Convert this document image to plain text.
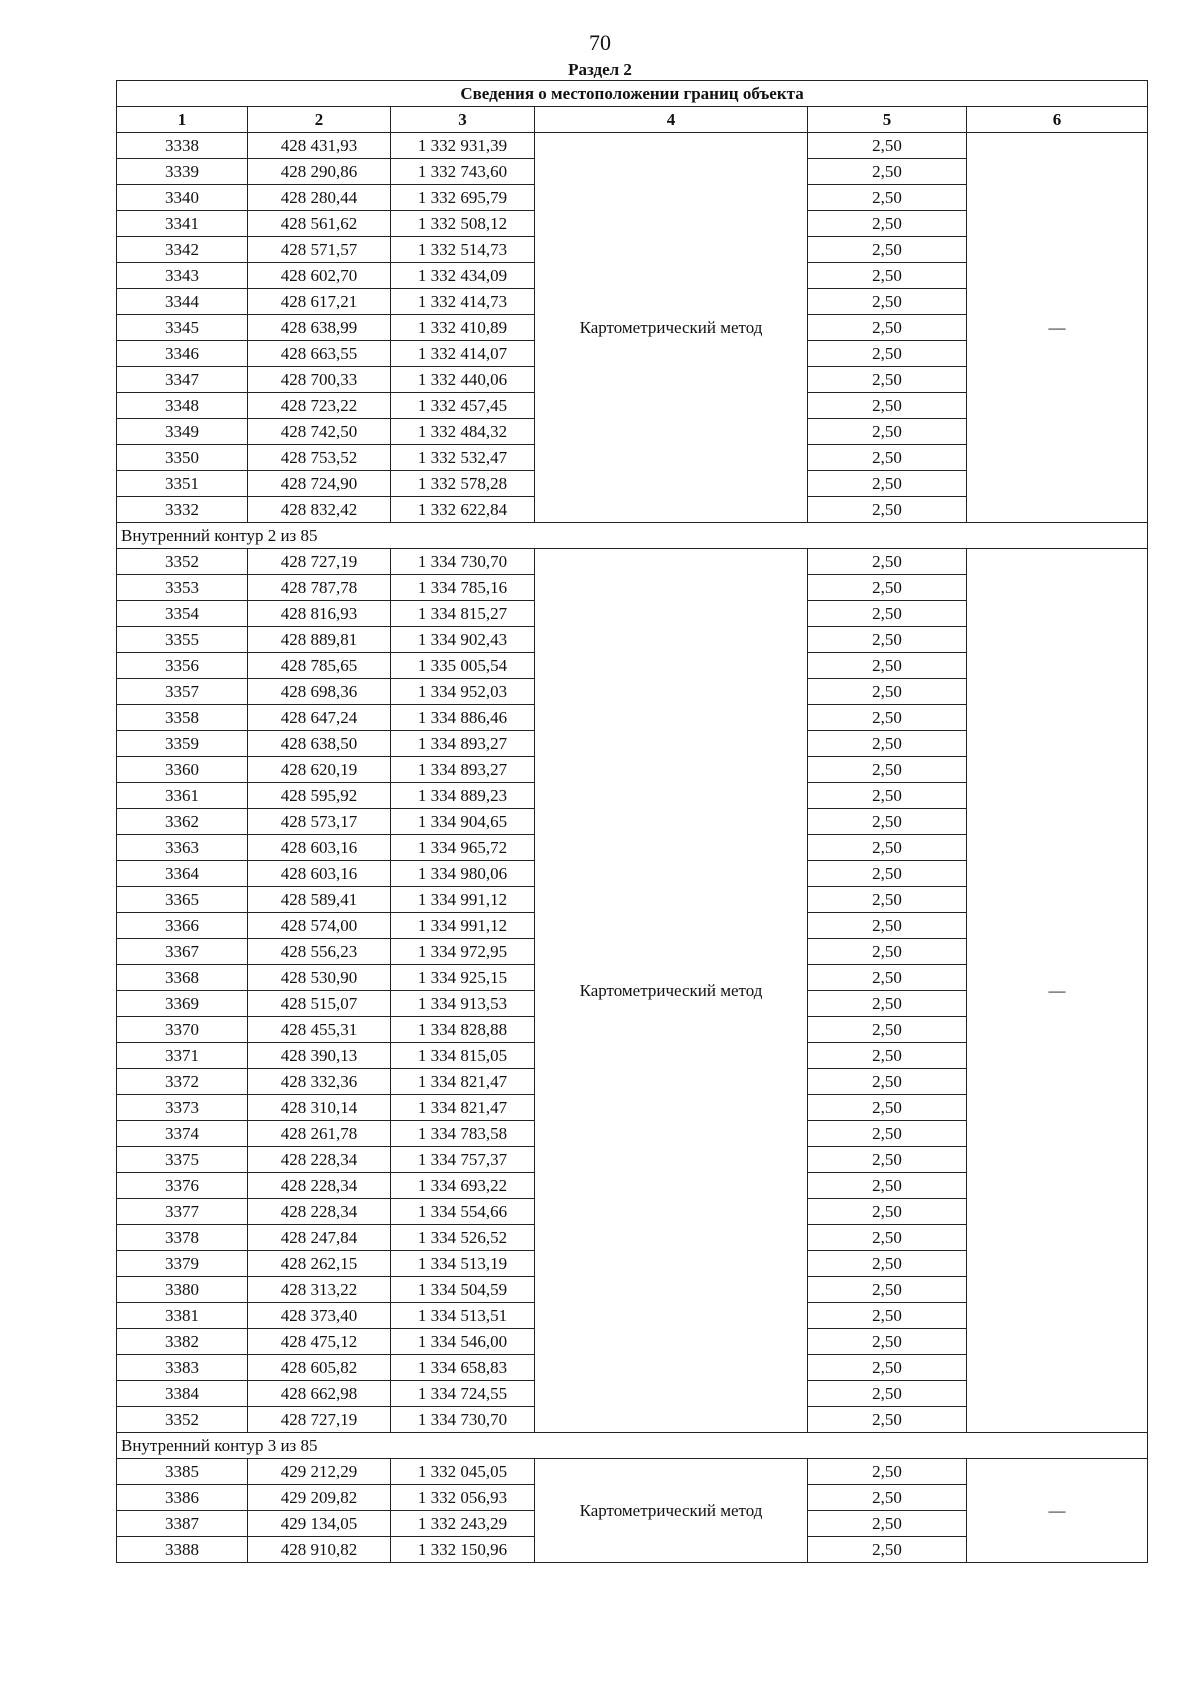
70
Раздел 2
Сведения о местоположении границ объекта					
1	2	3	4	5	6
3338	428 431,93	1 332 931,39	Картометрический метод	2,50	—
3339	428 290,86	1 332 743,60		2,50	
3340	428 280,44	1 332 695,79		2,50	
3341	428 561,62	1 332 508,12		2,50	
3342	428 571,57	1 332 514,73		2,50	
3343	428 602,70	1 332 434,09		2,50	
3344	428 617,21	1 332 414,73		2,50	
3345	428 638,99	1 332 410,89		2,50	
3346	428 663,55	1 332 414,07		2,50	
3347	428 700,33	1 332 440,06		2,50	
3348	428 723,22	1 332 457,45		2,50	
3349	428 742,50	1 332 484,32		2,50	
3350	428 753,52	1 332 532,47		2,50	
3351	428 724,90	1 332 578,28		2,50	
3332	428 832,42	1 332 622,84		2,50	
Внутренний контур 2 из 85					
3352	428 727,19	1 334 730,70	Картометрический метод	2,50	—
3353	428 787,78	1 334 785,16		2,50	
3354	428 816,93	1 334 815,27		2,50	
3355	428 889,81	1 334 902,43		2,50	
3356	428 785,65	1 335 005,54		2,50	
3357	428 698,36	1 334 952,03		2,50	
3358	428 647,24	1 334 886,46		2,50	
3359	428 638,50	1 334 893,27		2,50	
3360	428 620,19	1 334 893,27		2,50	
3361	428 595,92	1 334 889,23		2,50	
3362	428 573,17	1 334 904,65		2,50	
3363	428 603,16	1 334 965,72		2,50	
3364	428 603,16	1 334 980,06		2,50	
3365	428 589,41	1 334 991,12		2,50	
3366	428 574,00	1 334 991,12		2,50	
3367	428 556,23	1 334 972,95		2,50	
3368	428 530,90	1 334 925,15		2,50	
3369	428 515,07	1 334 913,53		2,50	
3370	428 455,31	1 334 828,88		2,50	
3371	428 390,13	1 334 815,05		2,50	
3372	428 332,36	1 334 821,47		2,50	
3373	428 310,14	1 334 821,47		2,50	
3374	428 261,78	1 334 783,58		2,50	
3375	428 228,34	1 334 757,37		2,50	
3376	428 228,34	1 334 693,22		2,50	
3377	428 228,34	1 334 554,66		2,50	
3378	428 247,84	1 334 526,52		2,50	
3379	428 262,15	1 334 513,19		2,50	
3380	428 313,22	1 334 504,59		2,50	
3381	428 373,40	1 334 513,51		2,50	
3382	428 475,12	1 334 546,00		2,50	
3383	428 605,82	1 334 658,83		2,50	
3384	428 662,98	1 334 724,55		2,50	
3352	428 727,19	1 334 730,70		2,50	
Внутренний контур 3 из 85					
3385	429 212,29	1 332 045,05	Картометрический метод	2,50	—
3386	429 209,82	1 332 056,93		2,50	
3387	429 134,05	1 332 243,29		2,50	
3388	428 910,82	1 332 150,96		2,50	
